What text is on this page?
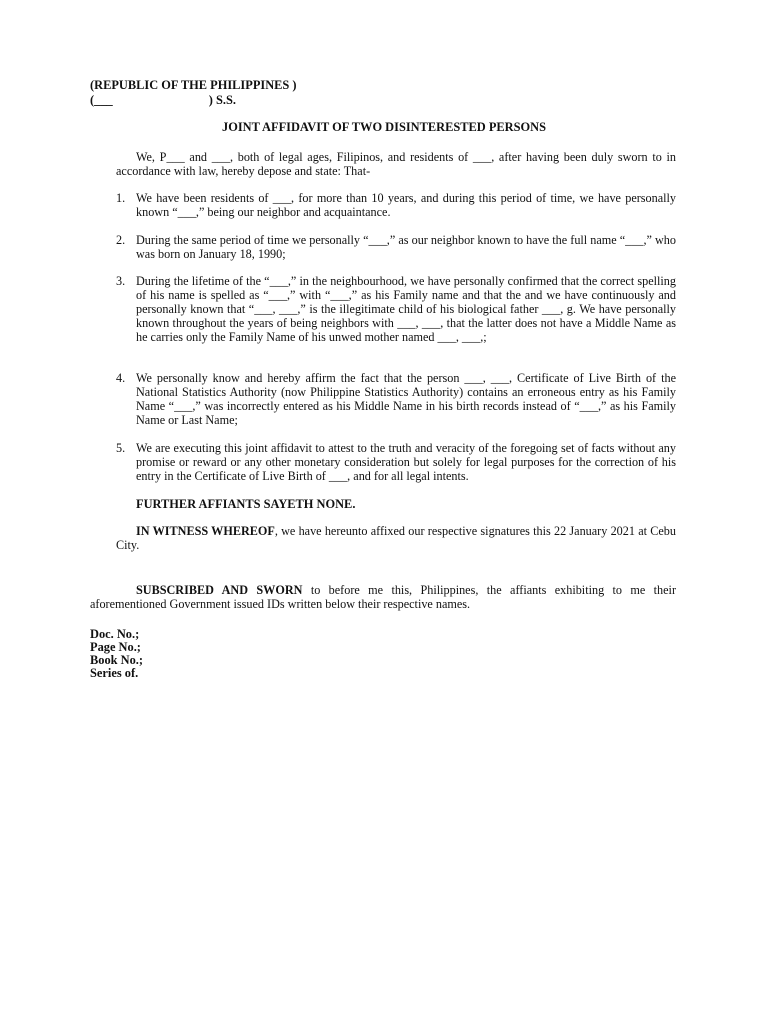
(REPUBLIC OF THE PHILIPPINES )

(___                               ) S.S.

JOINT AFFIDAVIT OF TWO DISINTERESTED PERSONS

We, P___ and ___, both of legal ages, Filipinos, and residents of ___, after having been duly sworn to in accordance with law, hereby depose and state: That-

1. We have been residents of ___, for more than 10 years, and during this period of time, we have personally known “___,” being our neighbor and acquaintance.
2. During the same period of time we personally “___,” as our neighbor known to have the full name “___,” who was born on January 18, 1990;
3. During the lifetime of the “___,” in the neighbourhood, we have personally confirmed that the correct spelling of his name is spelled as “___,” with “___,” as his Family name and that the and we have continuously and personally known that “___, ___,” is the illegitimate child of his biological father ___, g. We have personally known throughout the years of being neighbors with ___, ___, that the latter does not have a Middle Name as he carries only the Family Name of his unwed mother named ___, ___,;
4. We personally know and hereby affirm the fact that the person ___, ___, Certificate of Live Birth of the National Statistics Authority (now Philippine Statistics Authority) contains an erroneous entry as his Family Name “___,” was incorrectly entered as his Middle Name in his birth records instead of “___,” as his Family Name or Last Name;
5. We are executing this joint affidavit to attest to the truth and veracity of the foregoing set of facts without any promise or reward or any other monetary consideration but solely for legal purposes for the correction of his entry in the Certificate of Live Birth of ___, and for all legal intents.

FURTHER AFFIANTS SAYETH NONE.

IN WITNESS WHEREOF, we have hereunto affixed our respective signatures this 22 January 2021 at Cebu City.

SUBSCRIBED AND SWORN to before me this, Philippines, the affiants exhibiting to me their aforementioned Government issued IDs written below their respective names.

Doc. No.;

Page No.;

Book No.;

Series of.
